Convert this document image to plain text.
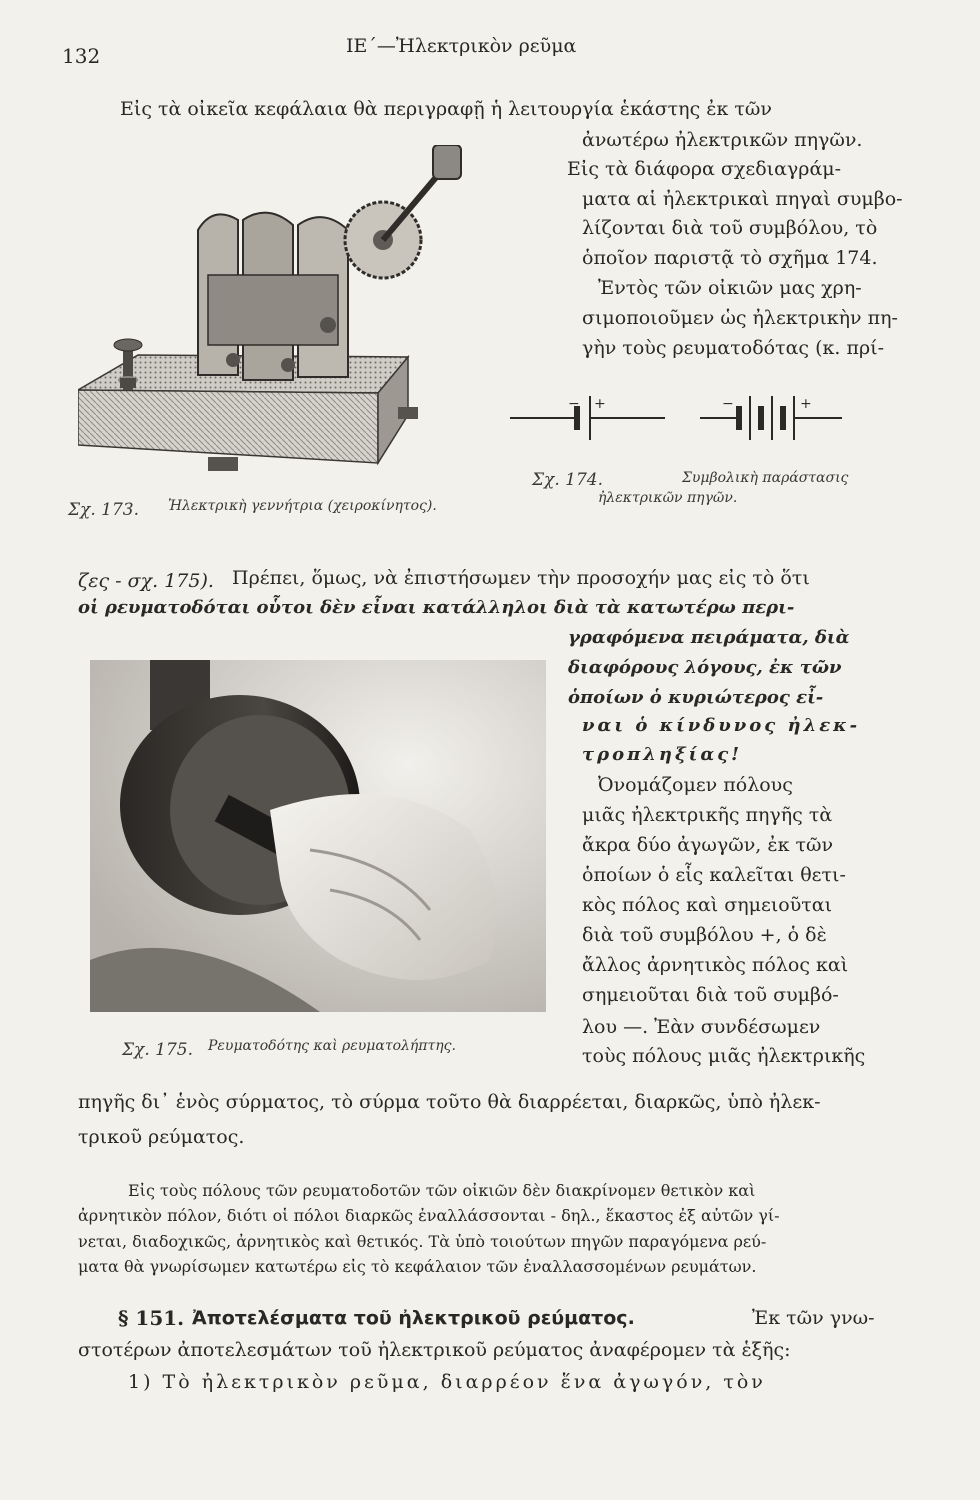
132	ΙΕ΄—Ἠλεκτρικὸν ρεῦμα
Εἰς τὰ οἰκεῖα κεφάλαια θὰ περιγραφῇ ἡ λειτουργία ἑκάστης ἐκ τῶν
ἀνωτέρω ἠλεκτρικῶν πηγῶν.
Εἰς τὰ διάφορα σχεδιαγράμ-
ματα αἱ ἠλεκτρικαὶ πηγαὶ συμβο-
λίζονται διὰ τοῦ συμβόλου, τὸ
ὁποῖον παριστᾷ τὸ σχῆμα 174.
Ἐντὸς τῶν οἰκιῶν μας χρη-
σιμοποιοῦμεν ὡς ἠλεκτρικὴν πη-
γὴν τοὺς ρευματοδότας (κ. πρί-
− +	−	+
Σχ. 173. Ἠλεκτρικὴ γεννήτρια (χειροκίνητος).
Σχ. 174.	Συμβολικὴ παράστασις
ἠλεκτρικῶν πηγῶν.
ζες - σχ. 175). Πρέπει, ὅμως, νὰ ἐπιστήσωμεν τὴν προσοχήν μας εἰς τὸ ὅτι
οἱ ρευματοδόται οὗτοι δὲν εἶναι κατάλληλοι διὰ τὰ κατωτέρω περι-
Σχ. 175. Ρευματοδότης καὶ ρευματολήπτης.
γραφόμενα πειράματα, διὰ
διαφόρους λόγους, ἐκ τῶν
ὁποίων ὁ κυριώτερος εἶ-
ναι ὁ κίνδυνος ἠλεκ-
τροπληξίας!
Ὀνομάζομεν πόλους
μιᾶς ἠλεκτρικῆς πηγῆς τὰ
ἄκρα δύο ἀγωγῶν, ἐκ τῶν
ὁποίων ὁ εἷς καλεῖται θετι-
κὸς πόλος καὶ σημειοῦται
διὰ τοῦ συμβόλου +, ὁ δὲ
ἄλλος ἀρνητικὸς πόλος καὶ
σημειοῦται διὰ τοῦ συμβό-
λου —. Ἐὰν συνδέσωμεν
τοὺς πόλους μιᾶς ἠλεκτρικῆς
πηγῆς δι᾽ ἑνὸς σύρματος, τὸ σύρμα τοῦτο θὰ διαρρέεται, διαρκῶς, ὑπὸ ἠλεκ-
τρικοῦ ρεύματος.
Εἰς τοὺς πόλους τῶν ρευματοδοτῶν τῶν οἰκιῶν δὲν διακρίνομεν θετικὸν καὶ
ἀρνητικὸν πόλον, διότι οἱ πόλοι διαρκῶς ἐναλλάσσονται - δηλ., ἕκαστος ἐξ αὐτῶν γί-
νεται, διαδοχικῶς, ἀρνητικὸς καὶ θετικός. Τὰ ὑπὸ τοιούτων πηγῶν παραγόμενα ρεύ-
ματα θὰ γνωρίσωμεν κατωτέρω εἰς τὸ κεφάλαιον τῶν ἐναλλασσομένων ρευμάτων.
§ 151. Ἀποτελέσματα τοῦ ἠλεκτρικοῦ ρεύματος.	Ἐκ τῶν γνω-
στοτέρων ἀποτελεσμάτων τοῦ ἠλεκτρικοῦ ρεύματος ἀναφέρομεν τὰ ἑξῆς:
1) Τὸ ἠλεκτρικὸν ρεῦμα, διαρρέον ἕνα ἀγωγόν, τὸν
